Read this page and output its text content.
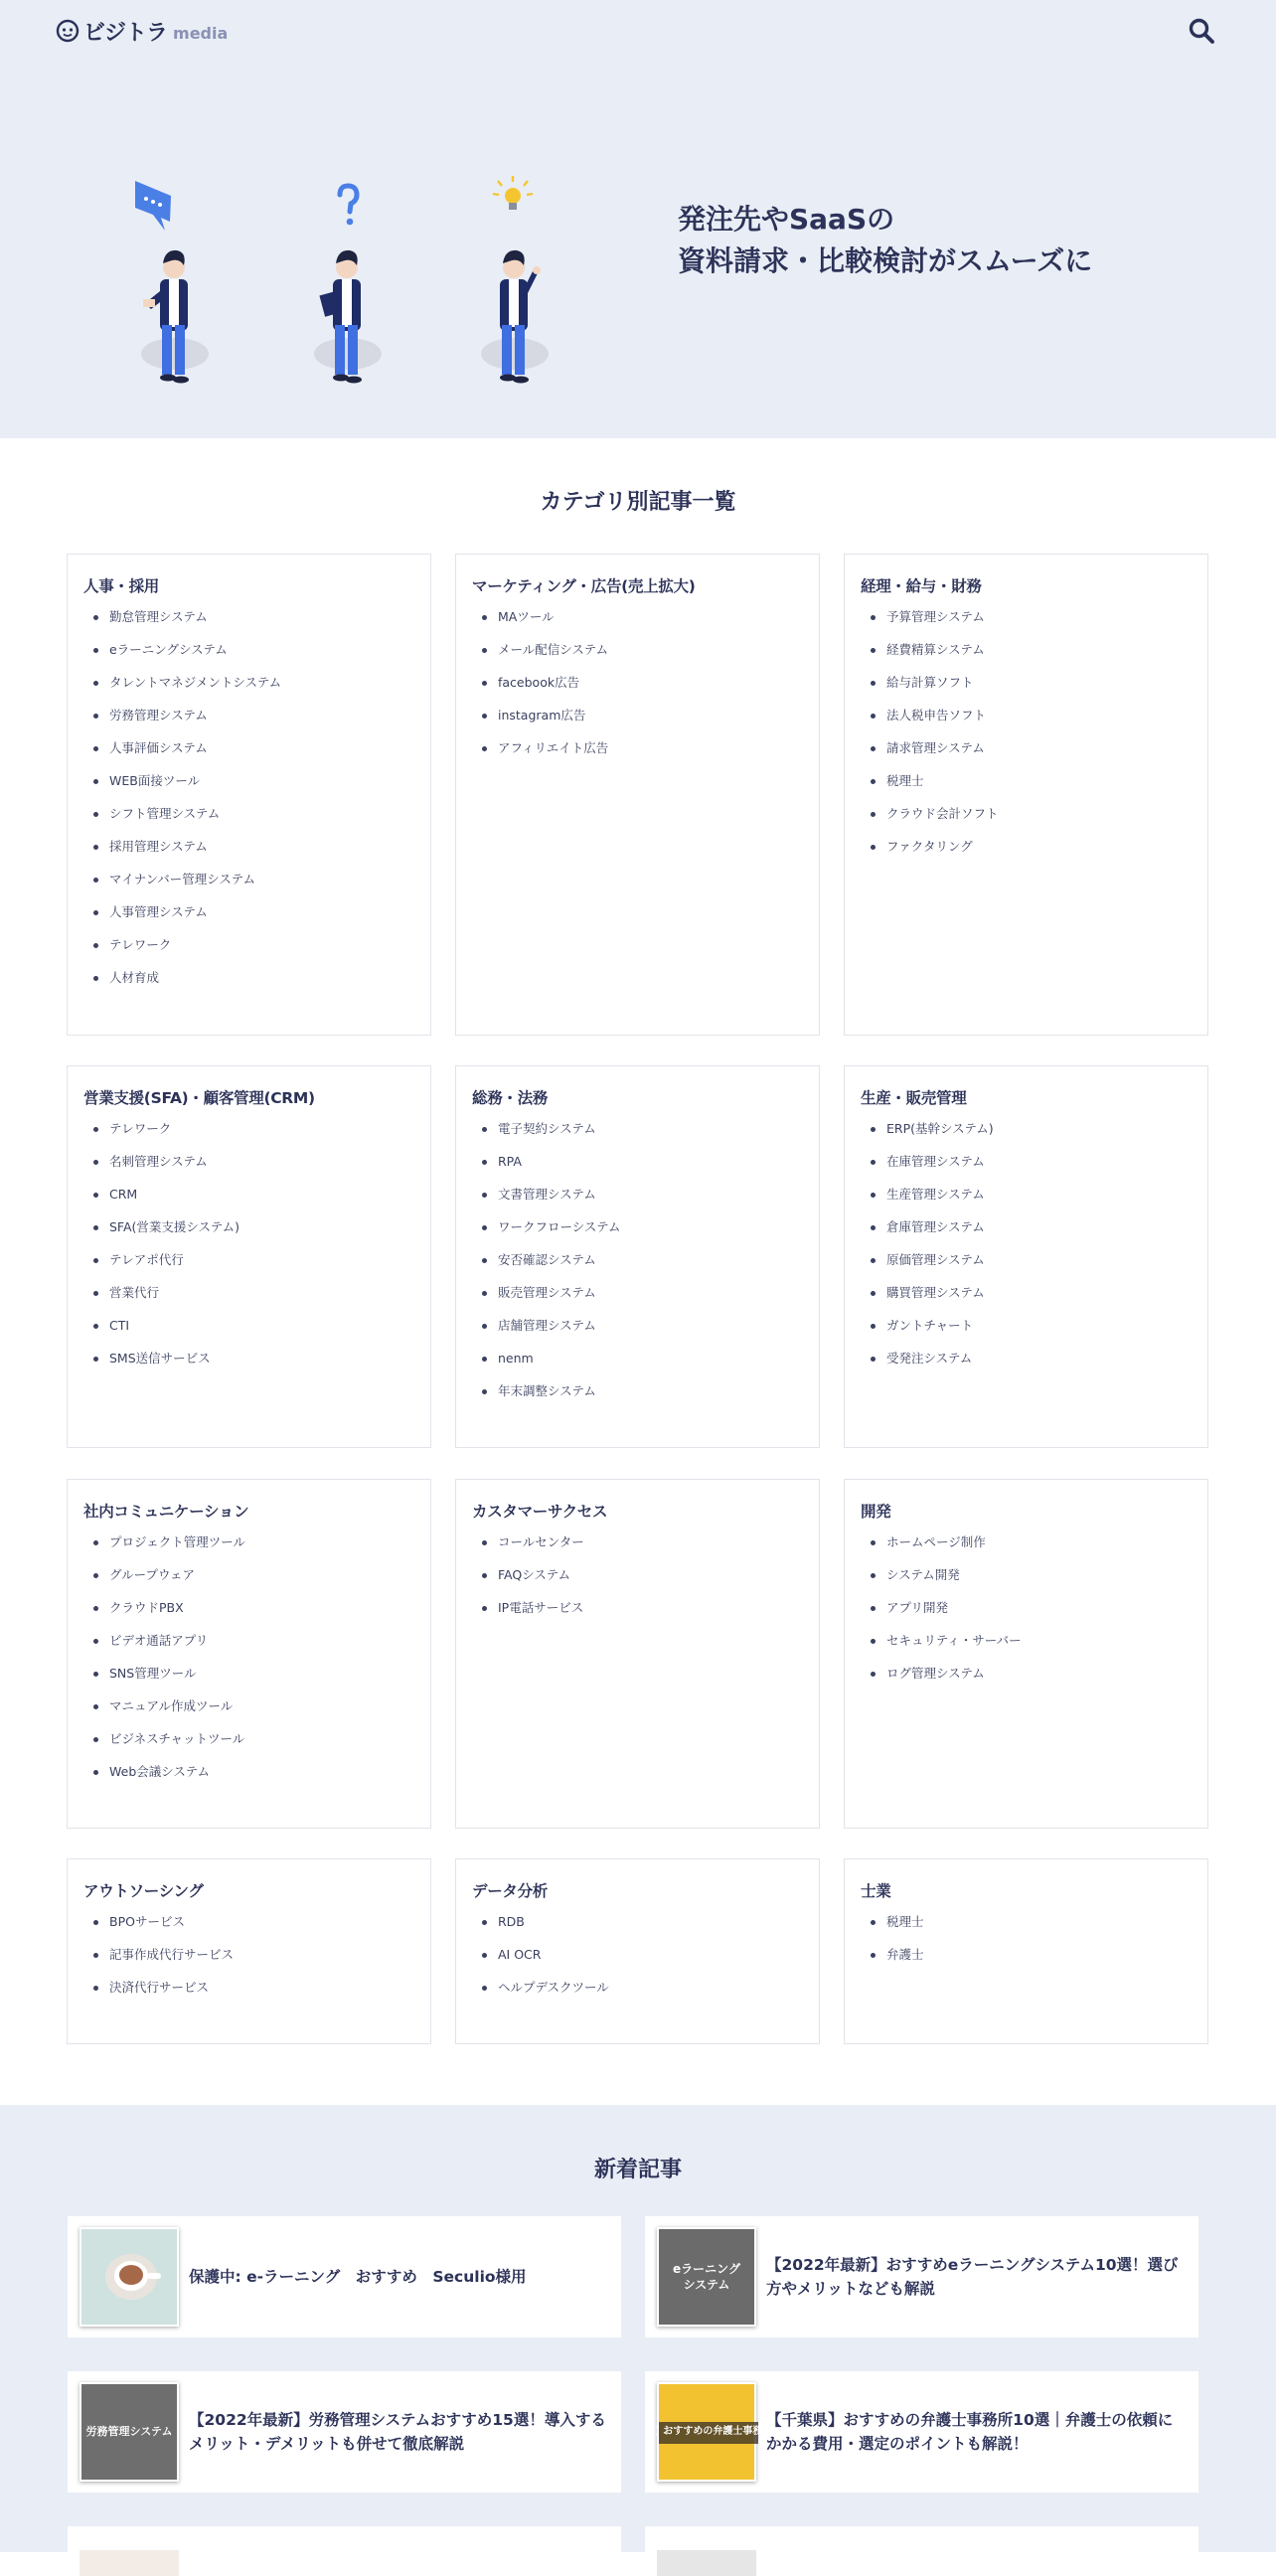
ビジトラ media
発注先やSaaSの
資料請求・比較検討がスムーズに
カテゴリ別記事一覧
人事・採用
勤怠管理システム
eラーニングシステム
タレントマネジメントシステム
労務管理システム
人事評価システム
WEB面接ツール
シフト管理システム
採用管理システム
マイナンバー管理システム
人事管理システム
テレワーク
人材育成
マーケティング・広告(売上拡大)
MAツール
メール配信システム
facebook広告
instagram広告
アフィリエイト広告
経理・給与・財務
予算管理システム
経費精算システム
給与計算ソフト
法人税申告ソフト
請求管理システム
税理士
クラウド会計ソフト
ファクタリング
営業支援(SFA)・顧客管理(CRM)
テレワーク
名刺管理システム
CRM
SFA(営業支援システム)
テレアポ代行
営業代行
CTI
SMS送信サービス
総務・法務
電子契約システム
RPA
文書管理システム
ワークフローシステム
安否確認システム
販売管理システム
店舗管理システム
nenm
年末調整システム
生産・販売管理
ERP(基幹システム)
在庫管理システム
生産管理システム
倉庫管理システム
原価管理システム
購買管理システム
ガントチャート
受発注システム
社内コミュニケーション
プロジェクト管理ツール
グループウェア
クラウドPBX
ビデオ通話アプリ
SNS管理ツール
マニュアル作成ツール
ビジネスチャットツール
Web会議システム
カスタマーサクセス
コールセンター
FAQシステム
IP電話サービス
開発
ホームページ制作
システム開発
アプリ開発
セキュリティ・サーバー
ログ管理システム
アウトソーシング
BPOサービス
記事作成代行サービス
決済代行サービス
データ分析
RDB
AI OCR
ヘルプデスクツール
士業
税理士
弁護士
新着記事
保護中: e-ラーニング　おすすめ　Seculio様用	eラーニング
システム
【2022年最新】おすすめeラーニングシステム10選！選び方やメリットなども解説
労務管理システム
【2022年最新】労務管理システムおすすめ15選！導入するメリット・デメリットも併せて徹底解説
!) おすすめの弁護士事務
【千葉県】おすすめの弁護士事務所10選｜弁護士の依頼にかかる費用・選定のポイントも解説！
